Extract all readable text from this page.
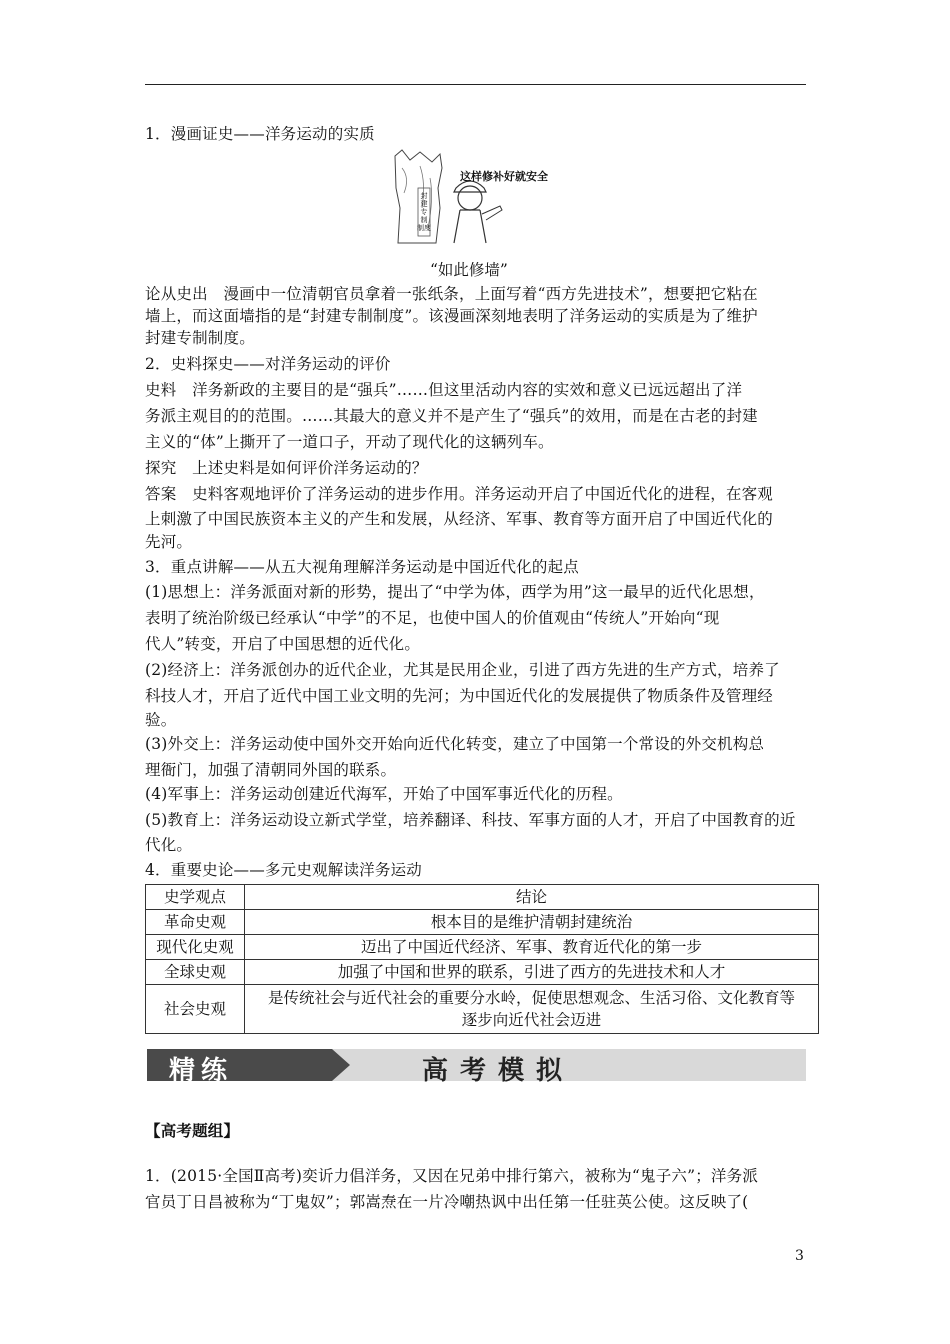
1．漫画证史——洋务运动的实质
封
建
专
制
制度
这样修补好就安全
“如此修墙”
论从史出　漫画中一位清朝官员拿着一张纸条，上面写着“西方先进技术”，想要把它粘在
墙上，而这面墙指的是“封建专制制度”。该漫画深刻地表明了洋务运动的实质是为了维护
封建专制制度。
2．史料探史——对洋务运动的评价
史料　洋务新政的主要目的是“强兵”……但这里活动内容的实效和意义已远远超出了洋
务派主观目的的范围。……其最大的意义并不是产生了“强兵”的效用，而是在古老的封建
主义的“体”上撕开了一道口子，开动了现代化的这辆列车。
探究　上述史料是如何评价洋务运动的？
答案　史料客观地评价了洋务运动的进步作用。洋务运动开启了中国近代化的进程，在客观
上刺激了中国民族资本主义的产生和发展，从经济、军事、教育等方面开启了中国近代化的
先河。
3．重点讲解——从五大视角理解洋务运动是中国近代化的起点
(1)思想上：洋务派面对新的形势，提出了“中学为体，西学为用”这一最早的近代化思想，
表明了统治阶级已经承认“中学”的不足，也使中国人的价值观由“传统人”开始向“现
代人”转变，开启了中国思想的近代化。
(2)经济上：洋务派创办的近代企业，尤其是民用企业，引进了西方先进的生产方式，培养了
科技人才，开启了近代中国工业文明的先河；为中国近代化的发展提供了物质条件及管理经
验。
(3)外交上：洋务运动使中国外交开始向近代化转变，建立了中国第一个常设的外交机构总
理衙门，加强了清朝同外国的联系。
(4)军事上：洋务运动创建近代海军，开始了中国军事近代化的历程。
(5)教育上：洋务运动设立新式学堂，培养翻译、科技、军事方面的人才，开启了中国教育的近
代化。
4．重要史论——多元史观解读洋务运动
史学观点	结论
革命史观	根本目的是维护清朝封建统治
现代化史观	迈出了中国近代经济、军事、教育近代化的第一步
全球史观	加强了中国和世界的联系，引进了西方的先进技术和人才
社会史观	是传统社会与近代社会的重要分水岭，促使思想观念、生活习俗、文化教育等
逐步向近代社会迈进
精练	高考模拟
【高考题组】
1．(2015·全国Ⅱ高考)奕䜣力倡洋务，又因在兄弟中排行第六，被称为“鬼子六”；洋务派
官员丁日昌被称为“丁鬼奴”；郭嵩焘在一片冷嘲热讽中出任第一任驻英公使。这反映了(
3
